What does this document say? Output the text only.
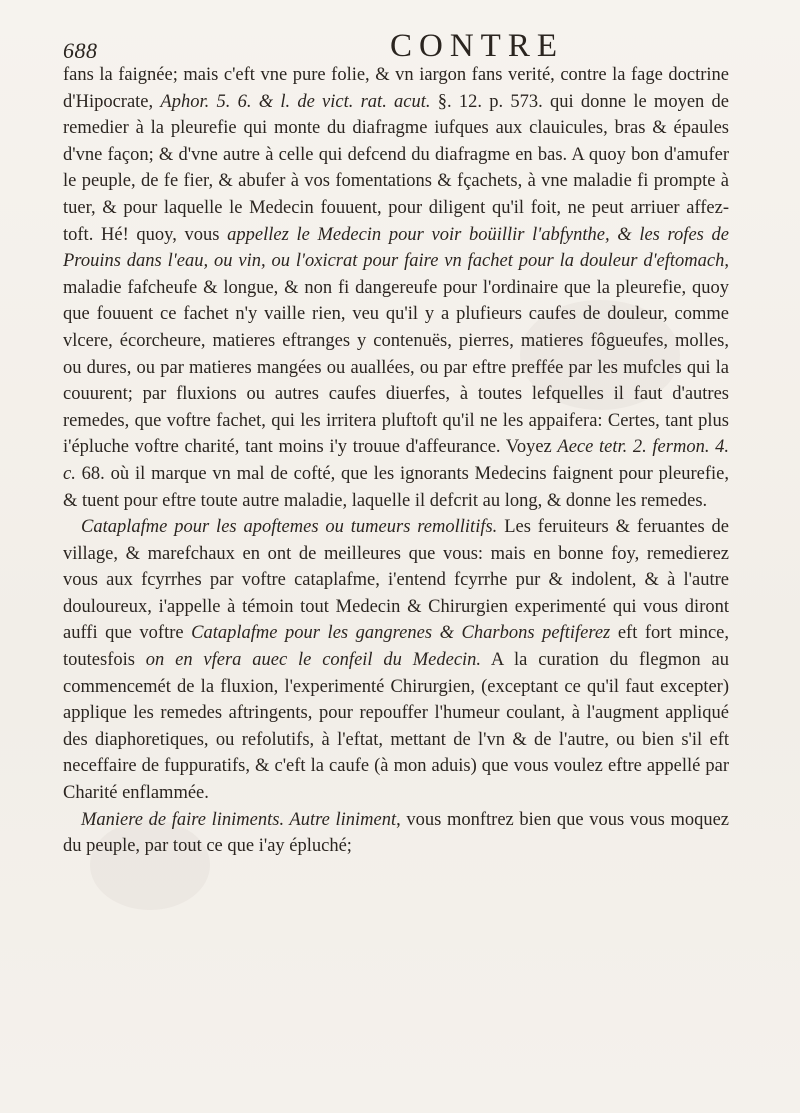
688	CONTRE

fans la faignée; mais c'eft vne pure folie, & vn iargon fans verité, contre la fage doctrine d'Hipocrate, Aphor. 5. 6. & l. de vict. rat. acut. §. 12. p. 573. qui donne le moyen de remedier à la pleurefie qui monte du diafragme iufques aux clauicules, bras & épaules d'vne façon; & d'vne autre à celle qui defcend du diafragme en bas. A quoy bon d'amufer le peuple, de fe fier, & abufer à vos fomentations & fçachets, à vne maladie fi prompte à tuer, & pour laquelle le Medecin fouuent, pour diligent qu'il foit, ne peut arriuer affez-toft. Hé! quoy, vous appellez le Medecin pour voir boüillir l'abfynthe, & les rofes de Prouins dans l'eau, ou vin, ou l'oxicrat pour faire vn fachet pour la douleur d'eftomach, maladie fafcheufe & longue, & non fi dangereufe pour l'ordinaire que la pleurefie, quoy que fouuent ce fachet n'y vaille rien, veu qu'il y a plufieurs caufes de douleur, comme vlcere, écorcheure, matieres eftranges y contenuës, pierres, matieres fôgueufes, molles, ou dures, ou par matieres mangées ou auallées, ou par eftre preffée par les mufcles qui la couurent; par fluxions ou autres caufes diuerfes, à toutes lefquelles il faut d'autres remedes, que voftre fachet, qui les irritera pluftoft qu'il ne les appaifera: Certes, tant plus i'épluche voftre charité, tant moins i'y trouue d'affeurance. Voyez Aece tetr. 2. fermon. 4. c. 68. où il marque vn mal de cofté, que les ignorants Medecins faignent pour pleurefie, & tuent pour eftre toute autre maladie, laquelle il defcrit au long, & donne les remedes.

Cataplafme pour les apoftemes ou tumeurs remollitifs. Les feruiteurs & feruantes de village, & marefchaux en ont de meilleures que vous: mais en bonne foy, remedierez vous aux fcyrrhes par voftre cataplafme, i'entend fcyrrhe pur & indolent, & à l'autre douloureux, i'appelle à témoin tout Medecin & Chirurgien experimenté qui vous diront auffi que voftre Cataplafme pour les gangrenes & Charbons peftiferez eft fort mince, toutesfois on en vfera auec le confeil du Medecin. A la curation du flegmon au commencemét de la fluxion, l'experimenté Chirurgien, (exceptant ce qu'il faut excepter) applique les remedes aftringents, pour repouffer l'humeur coulant, à l'augment appliqué des diaphoretiques, ou refolutifs, à l'eftat, mettant de l'vn & de l'autre, ou bien s'il eft neceffaire de fuppuratifs, & c'eft la caufe (à mon aduis) que vous voulez eftre appellé par Charité enflammée.

Maniere de faire liniments. Autre liniment, vous monftrez bien que vous vous moquez du peuple, par tout ce que i'ay épluché;
